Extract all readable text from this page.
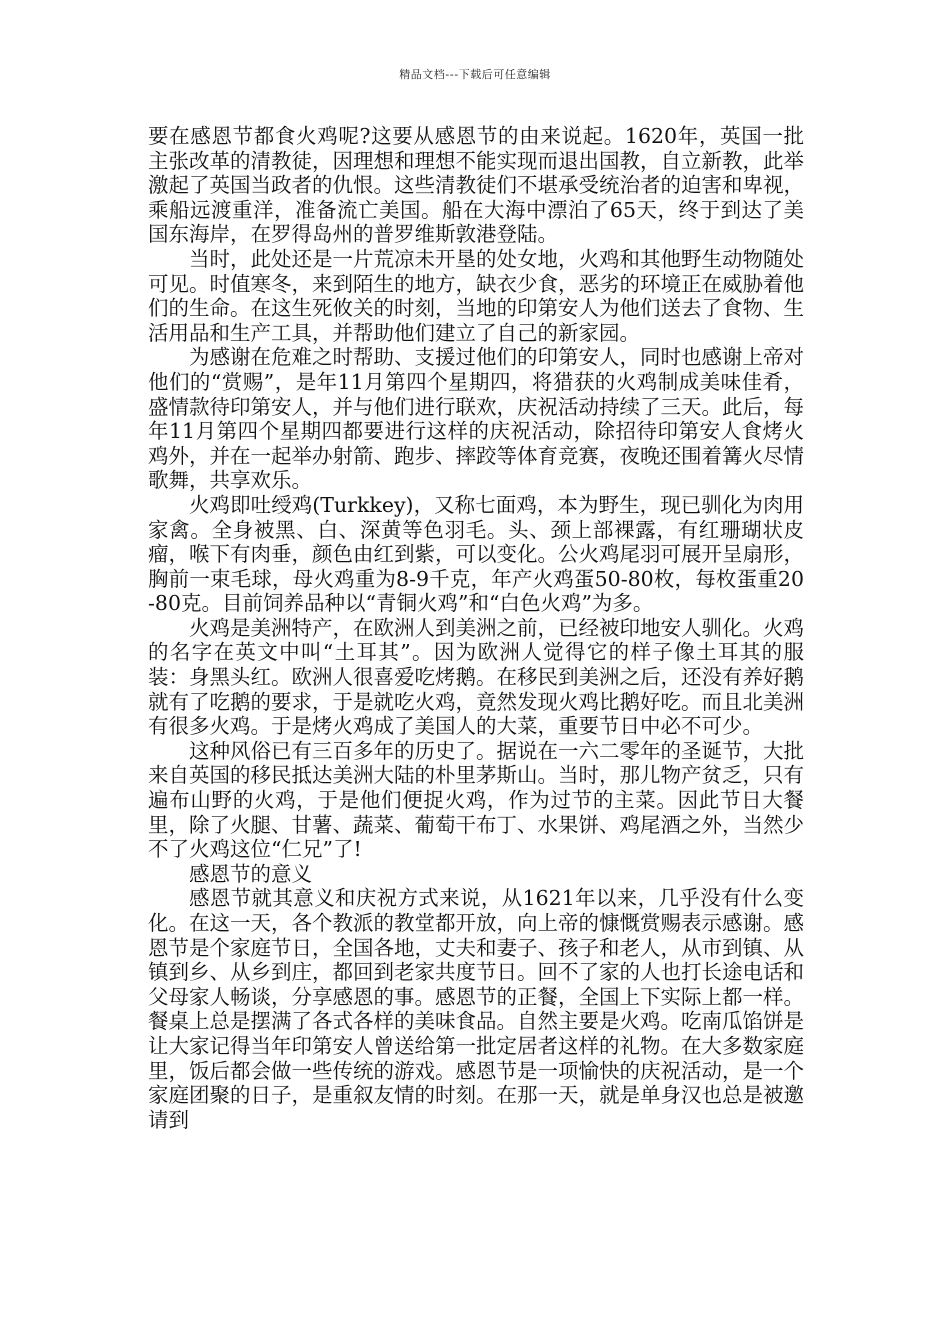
精品文档---下载后可任意编辑

要在感恩节都食火鸡呢?这要从感恩节的由来说起。1620年，英国一批主张改革的清教徒，因理想和理想不能实现而退出国教，自立新教，此举激起了英国当政者的仇恨。这些清教徒们不堪承受统治者的迫害和卑视，乘船远渡重洋，准备流亡美国。船在大海中漂泊了65天，终于到达了美国东海岸，在罗得岛州的普罗维斯敦港登陆。

当时，此处还是一片荒凉未开垦的处女地，火鸡和其他野生动物随处可见。时值寒冬，来到陌生的地方，缺衣少食，恶劣的环境正在威胁着他们的生命。在这生死攸关的时刻，当地的印第安人为他们送去了食物、生活用品和生产工具，并帮助他们建立了自己的新家园。

为感谢在危难之时帮助、支援过他们的印第安人，同时也感谢上帝对他们的“赏赐”，是年11月第四个星期四，将猎获的火鸡制成美味佳肴，盛情款待印第安人，并与他们进行联欢，庆祝活动持续了三天。此后，每年11月第四个星期四都要进行这样的庆祝活动，除招待印第安人食烤火鸡外，并在一起举办射箭、跑步、摔跤等体育竞赛，夜晚还围着篝火尽情歌舞，共享欢乐。

火鸡即吐绶鸡(Turkkey)，又称七面鸡，本为野生，现已驯化为肉用家禽。全身被黑、白、深黄等色羽毛。头、颈上部裸露，有红珊瑚状皮瘤，喉下有肉垂，颜色由红到紫，可以变化。公火鸡尾羽可展开呈扇形，胸前一束毛球，母火鸡重为8-9千克，年产火鸡蛋50-80枚，每枚蛋重20-80克。目前饲养品种以“青铜火鸡”和“白色火鸡”为多。

火鸡是美洲特产，在欧洲人到美洲之前，已经被印地安人驯化。火鸡的名字在英文中叫“土耳其”。因为欧洲人觉得它的样子像土耳其的服装：身黑头红。欧洲人很喜爱吃烤鹅。在移民到美洲之后，还没有养好鹅就有了吃鹅的要求，于是就吃火鸡，竟然发现火鸡比鹅好吃。而且北美洲有很多火鸡。于是烤火鸡成了美国人的大菜，重要节日中必不可少。

这种风俗已有三百多年的历史了。据说在一六二零年的圣诞节，大批来自英国的移民抵达美洲大陆的朴里茅斯山。当时，那儿物产贫乏，只有遍布山野的火鸡，于是他们便捉火鸡，作为过节的主菜。因此节日大餐里，除了火腿、甘薯、蔬菜、葡萄干布丁、水果饼、鸡尾酒之外，当然少不了火鸡这位“仁兄”了!

感恩节的意义

感恩节就其意义和庆祝方式来说，从1621年以来，几乎没有什么变化。在这一天，各个教派的教堂都开放，向上帝的慷慨赏赐表示感谢。感恩节是个家庭节日，全国各地，丈夫和妻子、孩子和老人，从市到镇、从镇到乡、从乡到庄，都回到老家共度节日。回不了家的人也打长途电话和父母家人畅谈，分享感恩的事。感恩节的正餐，全国上下实际上都一样。餐桌上总是摆满了各式各样的美味食品。自然主要是火鸡。吃南瓜馅饼是让大家记得当年印第安人曾送给第一批定居者这样的礼物。在大多数家庭里，饭后都会做一些传统的游戏。感恩节是一项愉快的庆祝活动，是一个家庭团聚的日子，是重叙友情的时刻。在那一天，就是单身汉也总是被邀请到
